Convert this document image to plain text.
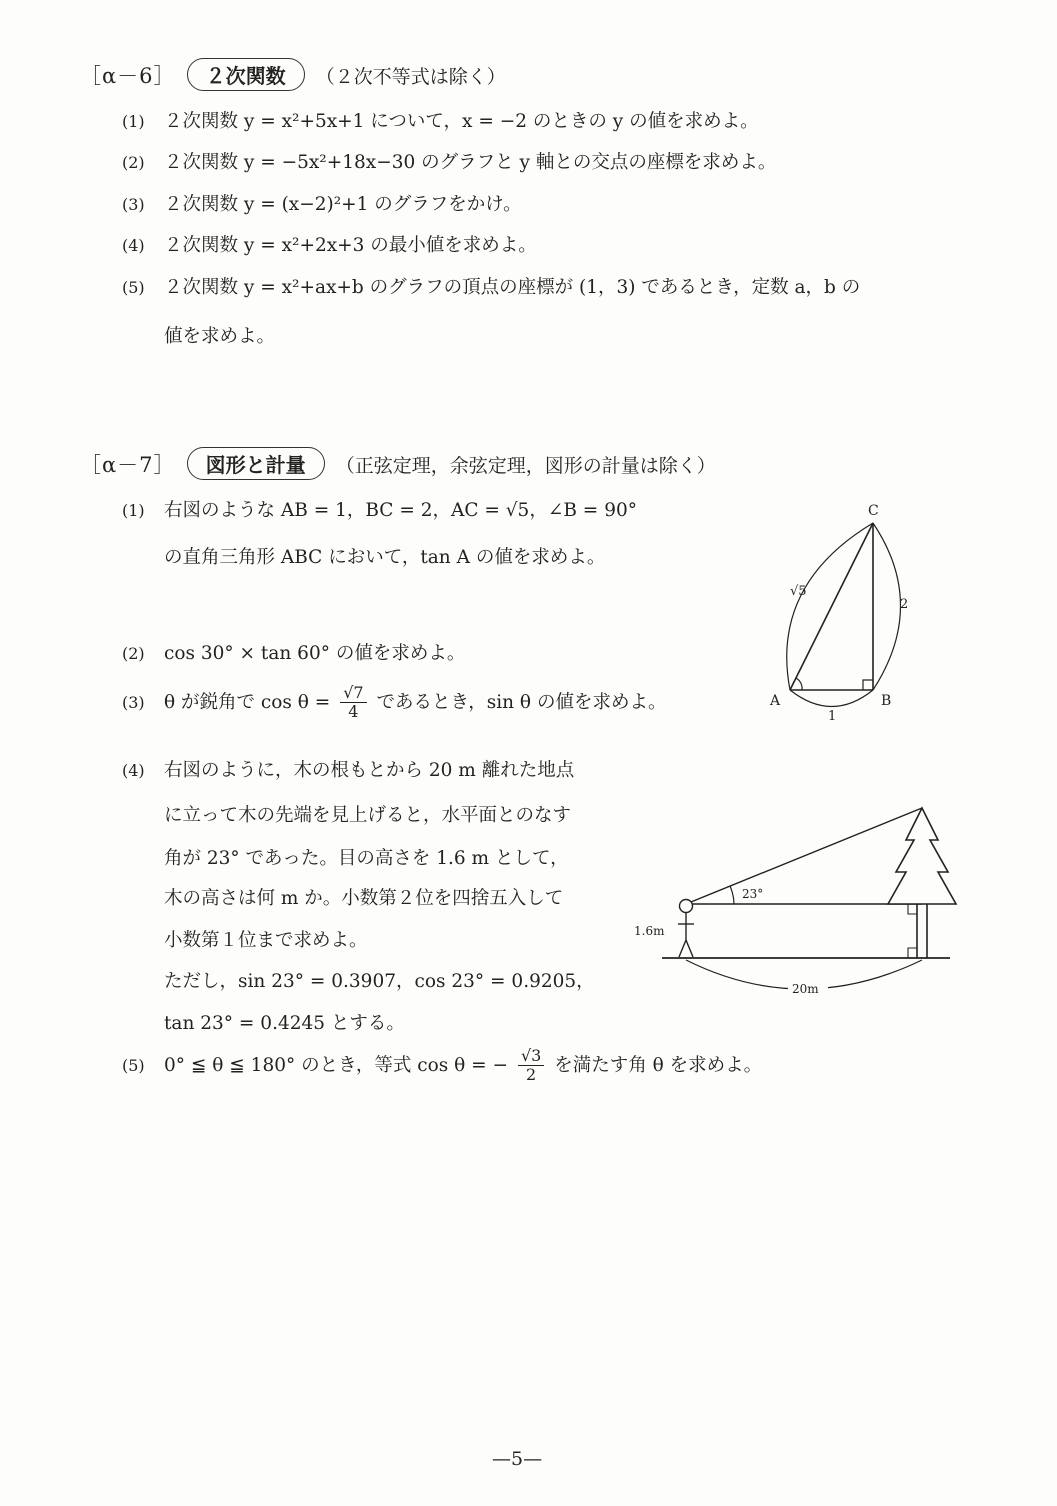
［α－6］ ２次関数 （２次不等式は除く）
(1) ２次関数 y = x²+5x+1 について，x = −2 のときの y の値を求めよ。
(2) ２次関数 y = −5x²+18x−30 のグラフと y 軸との交点の座標を求めよ。
(3) ２次関数 y = (x−2)²+1 のグラフをかけ。
(4) ２次関数 y = x²+2x+3 の最小値を求めよ。
(5) ２次関数 y = x²+ax+b のグラフの頂点の座標が (1，3) であるとき，定数 a，b の
値を求めよ。
［α－7］ 図形と計量 （正弦定理，余弦定理，図形の計量は除く）
(1) 右図のような AB = 1，BC = 2，AC = √5，∠B = 90°
の直角三角形 ABC において，tan A の値を求めよ。
(2) cos 30° × tan 60° の値を求めよ。
(3) θ が鋭角で $\cos \theta = \frac{√7}{4}$ であるとき，sin θ の値を求めよ。
(4) 右図のように，木の根もとから 20 m 離れた地点
に立って木の先端を見上げると，水平面とのなす
角が 23° であった。目の高さを 1.6 m として，
木の高さは何 m か。小数第２位を四捨五入して
小数第１位まで求めよ。
ただし，sin 23° = 0.3907，cos 23° = 0.9205，
tan 23° = 0.4245 とする。
(5) 0° ≦ θ ≦ 180° のとき，等式 cos θ = − $\frac{√3}{2}$ を満たす角 θ を求めよ。
C
A	B
1
2
√5
23°
1.6m
20m
—5—
